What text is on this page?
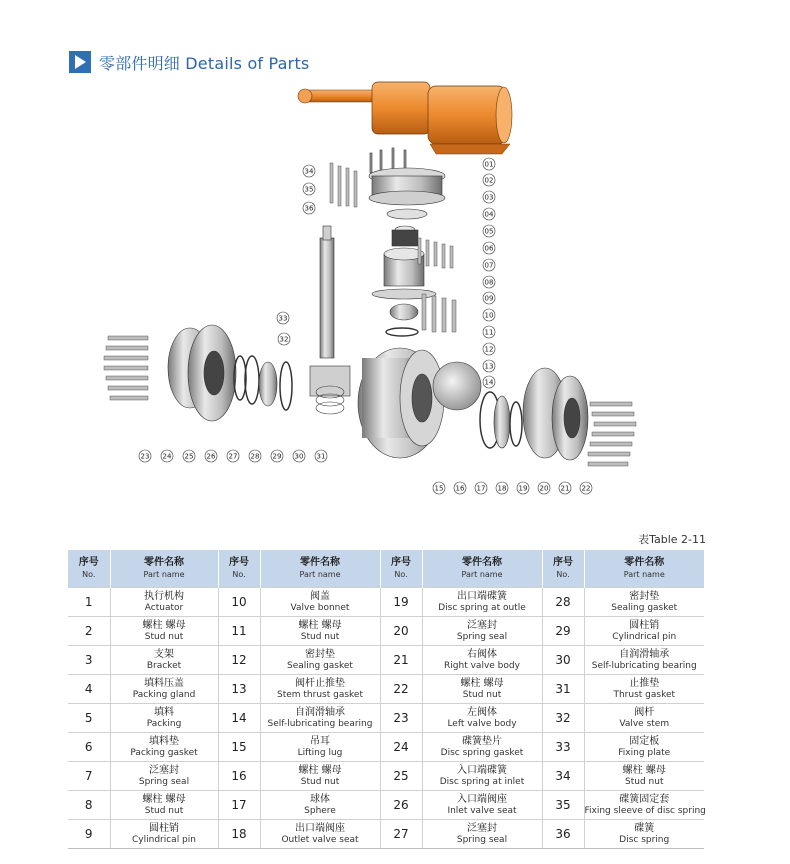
零部件明细 Details of Parts
01
02
03
04
05
06
07
08
09
10
11
12
13
14
15 16 17 18 19 20 21 22
23 24 25 26 27 28 29 30 31
32
33
34
35
36
表Table 2-11
序号
No.	零件名称
Part name	序号
No.	零件名称
Part name	序号
No.	零件名称
Part name	序号
No.	零件名称
Part name

1	执行机构
Actuator	10	阀盖
Valve bonnet	19	出口端碟簧
Disc spring at outle	28	密封垫
Sealing gasket

2	螺柱 螺母
Stud nut	11	螺柱 螺母
Stud nut	20	泛塞封
Spring seal	29	圆柱销
Cylindrical pin

3	支架
Bracket	12	密封垫
Sealing gasket	21	右阀体
Right valve body	30	自润滑轴承
Self-lubricating bearing

4	填料压盖
Packing gland	13	阀杆止推垫
Stem thrust gasket	22	螺柱 螺母
Stud nut	31	止推垫
Thrust gasket

5	填料
Packing	14	自润滑轴承
Self-lubricating bearing	23	左阀体
Left valve body	32	阀杆
Valve stem

6	填料垫
Packing gasket	15	吊耳
Lifting lug	24	碟簧垫片
Disc spring gasket	33	固定板
Fixing plate

7	泛塞封
Spring seal	16	螺柱 螺母
Stud nut	25	入口端碟簧
Disc spring at inlet	34	螺柱 螺母
Stud nut

8	螺柱 螺母
Stud nut	17	球体
Sphere	26	入口端阀座
Inlet valve seat	35	碟簧固定套
Fixing sleeve of disc spring

9	圆柱销
Cylindrical pin	18	出口端阀座
Outlet valve seat	27	泛塞封
Spring seal	36	碟簧
Disc spring
